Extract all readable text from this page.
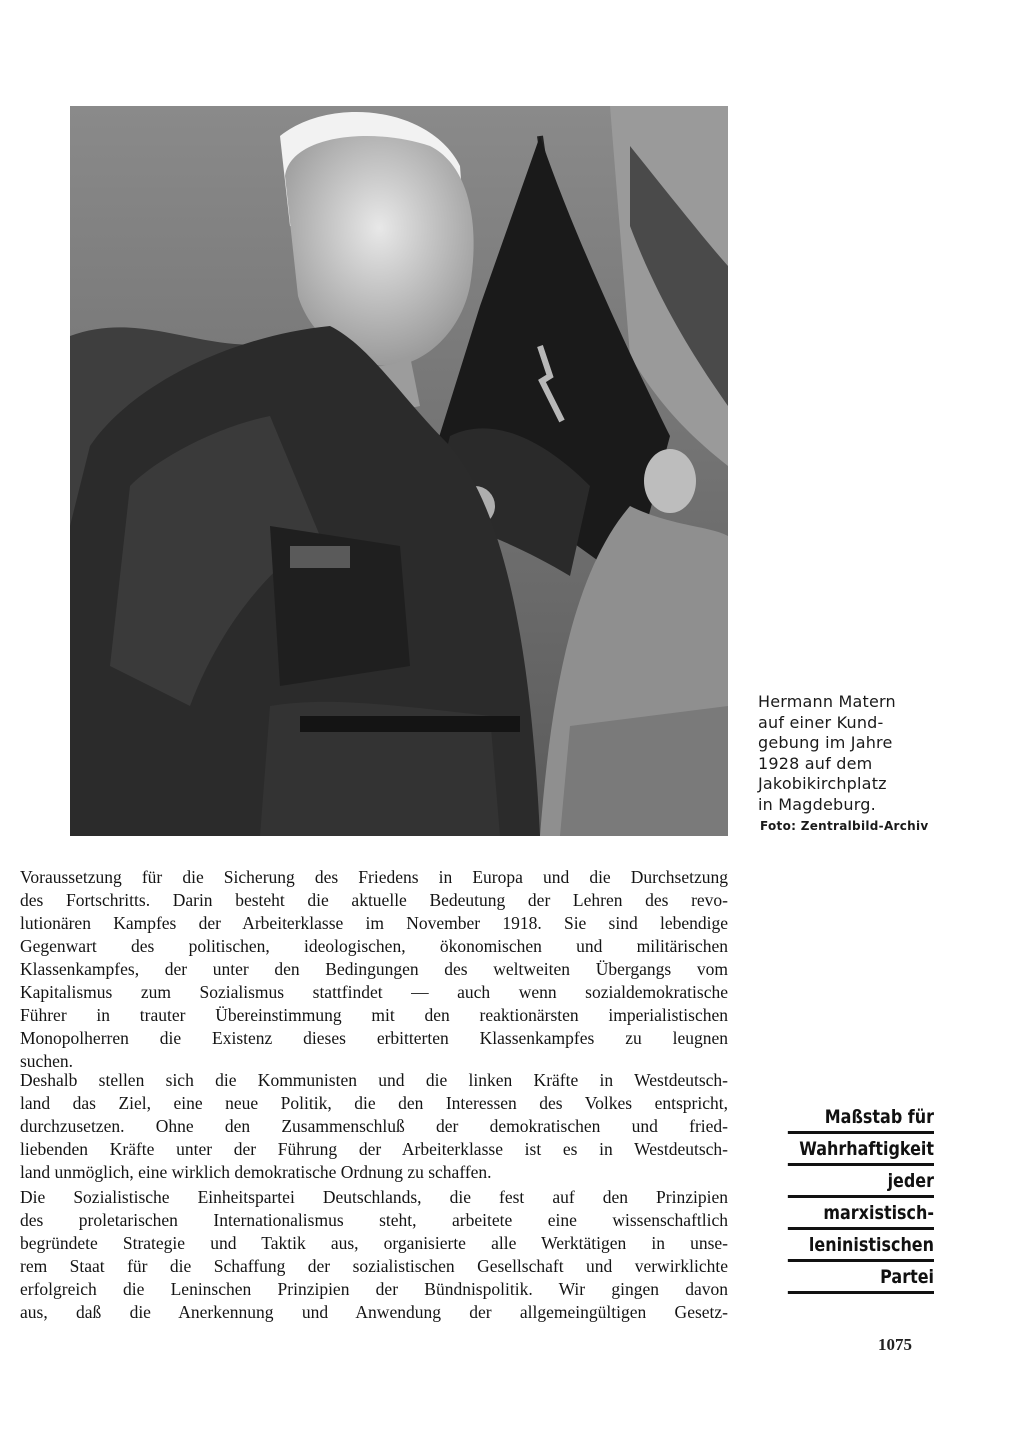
Hermann Matern
auf einer Kund-
gebung im Jahre
1928 auf dem
Jakobikirchplatz
in Magdeburg.
Foto: Zentralbild-Archiv
Voraussetzung für die Sicherung des Friedens in Europa und die Durchsetzung
des Fortschritts. Darin besteht die aktuelle Bedeutung der Lehren des revo-
lutionären Kampfes der Arbeiterklasse im November 1918. Sie sind lebendige
Gegenwart des politischen, ideologischen, ökonomischen und militärischen
Klassenkampfes, der unter den Bedingungen des weltweiten Übergangs vom
Kapitalismus zum Sozialismus stattfindet — auch wenn sozialdemokratische
Führer in trauter Übereinstimmung mit den reaktionärsten imperialistischen
Monopolherren die Existenz dieses erbitterten Klassenkampfes zu leugnen
suchen.
Deshalb stellen sich die Kommunisten und die linken Kräfte in Westdeutsch-
land das Ziel, eine neue Politik, die den Interessen des Volkes entspricht,
durchzusetzen. Ohne den Zusammenschluß der demokratischen und fried-
liebenden Kräfte unter der Führung der Arbeiterklasse ist es in Westdeutsch-
land unmöglich, eine wirklich demokratische Ordnung zu schaffen.
Die Sozialistische Einheitspartei Deutschlands, die fest auf den Prinzipien
des proletarischen Internationalismus steht, arbeitete eine wissenschaftlich
begründete Strategie und Taktik aus, organisierte alle Werktätigen in unse-
rem Staat für die Schaffung der sozialistischen Gesellschaft und verwirklichte
erfolgreich die Leninschen Prinzipien der Bündnispolitik. Wir gingen davon
aus, daß die Anerkennung und Anwendung der allgemeingültigen Gesetz-
Maßstab für
Wahrhaftigkeit
jeder
marxistisch-
leninistischen
Partei
1075
